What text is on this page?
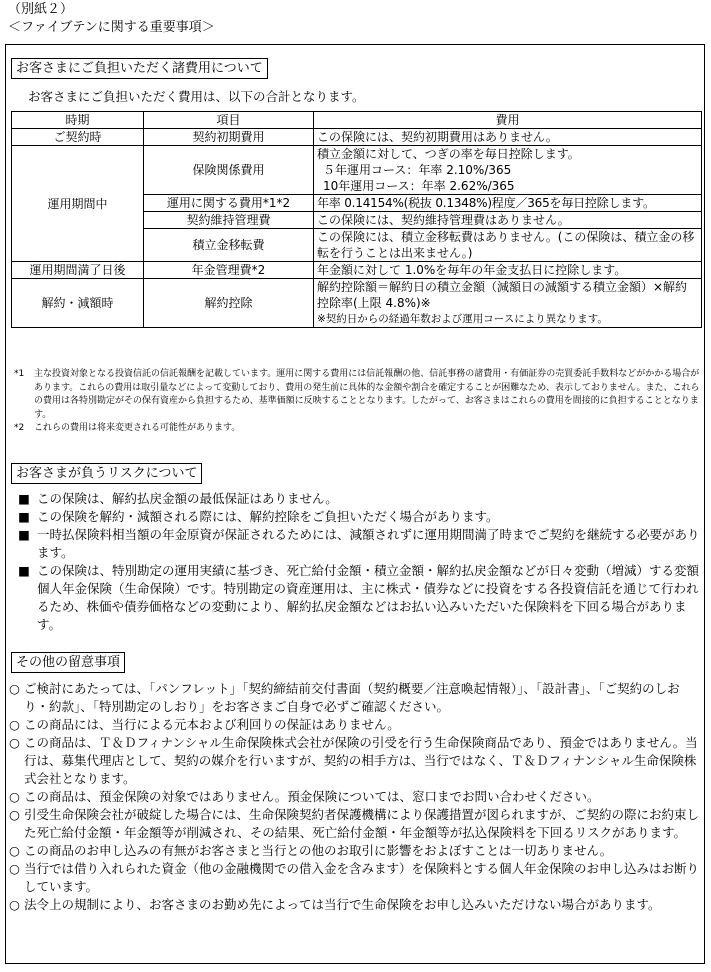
（別紙２）
＜ファイブテンに関する重要事項＞
お客さまにご負担いただく諸費用について
お客さまにご負担いただく費用は、以下の合計となります。
時期	項目	費用
ご契約時	契約初期費用	この保険には、契約初期費用はありません。
運用期間中	保険関係費用	積立金額に対して、つぎの率を毎日控除します。
５年運用コース：年率 2.10%/365
10年運用コース：年率 2.62%/365

	運用に関する費用*1*2	年率 0.14154%(税抜 0.1348%)程度／365を毎日控除します。
	契約維持管理費	この保険には、契約維持管理費はありません。
	積立金移転費	この保険には、積立金移転費はありません。(この保険は、積立金の移転を行うことは出来ません。)
運用期間満了日後	年金管理費*2	年金額に対して 1.0%を毎年の年金支払日に控除します。
解約・減額時	解約控除	解約控除額＝解約日の積立金額（減額日の減額する積立金額）×解約控除率(上限 4.8%)※
※契約日からの経過年数および運用コースにより異なります。
*1	主な投資対象となる投資信託の信託報酬を記載しています。運用に関する費用には信託報酬の他、信託事務の諸費用・有価証券の売買委託手数料などがかかる場合があります。これらの費用は取引量などによって変動しており、費用の発生前に具体的な金額や割合を確定することが困難なため、表示しておりません。また、これらの費用は各特別勘定がその保有資産から負担するため、基準価額に反映することとなります。したがって、お客さまはこれらの費用を間接的に負担することとなります。
*2	これらの費用は将来変更される可能性があります。
お客さまが負うリスクについて
■ この保険は、解約払戻金額の最低保証はありません。
■ この保険を解約・減額される際には、解約控除をご負担いただく場合があります。
■ 一時払保険料相当額の年金原資が保証されるためには、減額されずに運用期間満了時までご契約を継続する必要があります。
■ この保険は、特別勘定の運用実績に基づき、死亡給付金額・積立金額・解約払戻金額などが日々変動（増減）する変額個人年金保険（生命保険）です。特別勘定の資産運用は、主に株式・債券などに投資をする各投資信託を通じて行われるため、株価や債券価格などの変動により、解約払戻金額などはお払い込みいただいた保険料を下回る場合があります。
その他の留意事項
○ ご検討にあたっては、「パンフレット」「契約締結前交付書面（契約概要／注意喚起情報）」、「設計書」、「ご契約のしおり・約款」、「特別勘定のしおり」をお客さまご自身で必ずご確認ください。
○ この商品には、当行による元本および利回りの保証はありません。
○ この商品は、Ｔ＆Ｄフィナンシャル生命保険株式会社が保険の引受を行う生命保険商品であり、預金ではありません。当行は、募集代理店として、契約の媒介を行いますが、契約の相手方は、当行ではなく、Ｔ＆Ｄフィナンシャル生命保険株式会社となります。
○ この商品は、預金保険の対象ではありません。預金保険については、窓口までお問い合わせください。
○ 引受生命保険会社が破綻した場合には、生命保険契約者保護機構により保護措置が図られますが、ご契約の際にお約束した死亡給付金額・年金額等が削減され、その結果、死亡給付金額・年金額等が払込保険料を下回るリスクがあります。
○ この商品のお申し込みの有無がお客さまと当行との他のお取引に影響をおよぼすことは一切ありません。
○ 当行では借り入れられた資金（他の金融機関での借入金を含みます）を保険料とする個人年金保険のお申し込みはお断りしています。
○ 法令上の規制により、お客さまのお勤め先によっては当行で生命保険をお申し込みいただけない場合があります。
